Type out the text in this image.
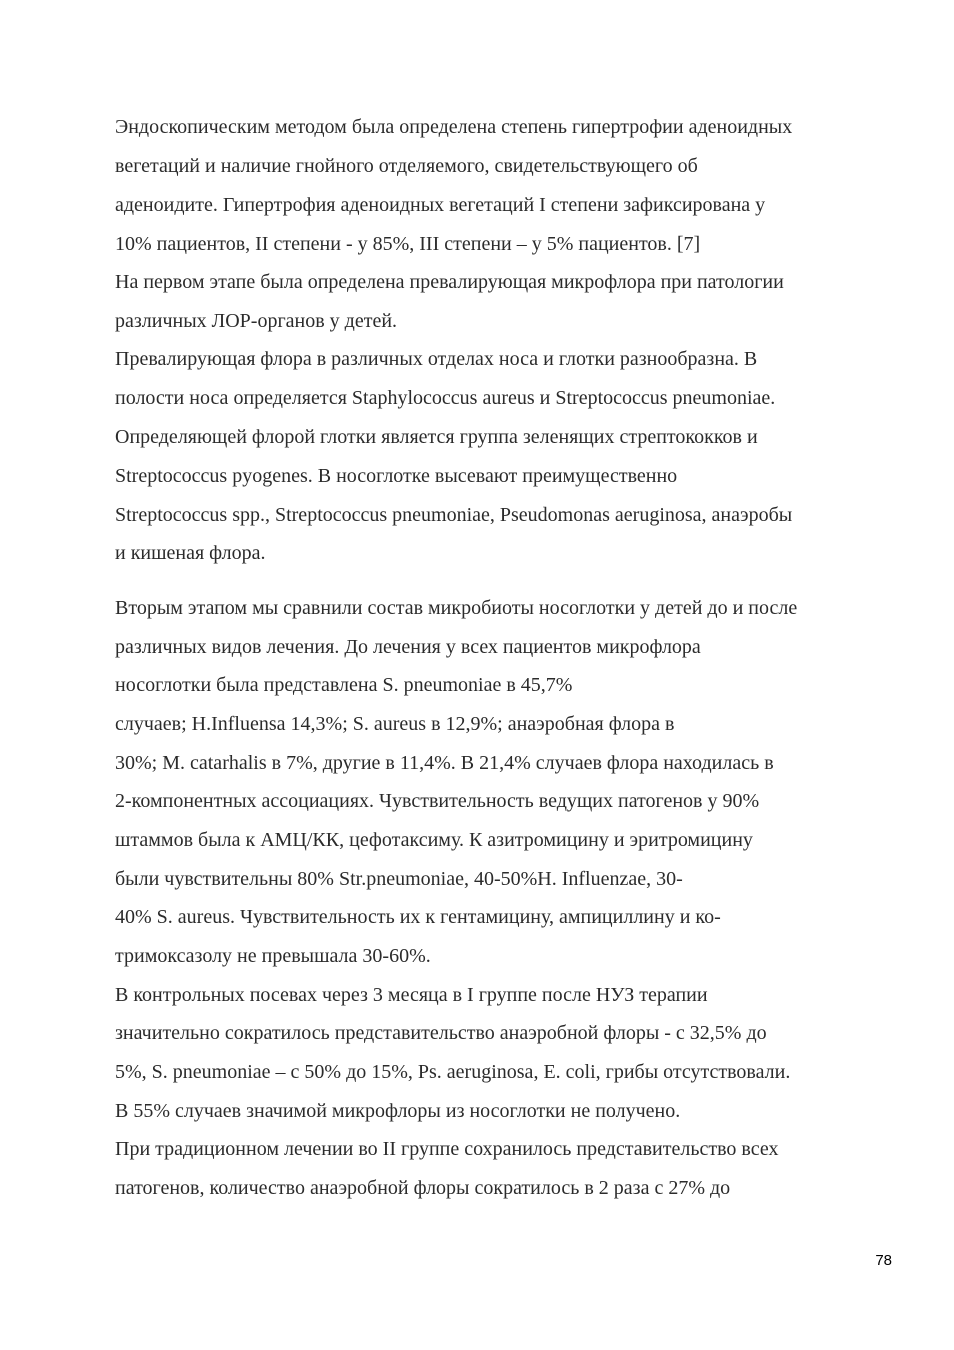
Эндоскопическим методом была определена степень гипертрофии аденоидных
вегетаций и наличие гнойного отделяемого, свидетельствующего об
аденоидите. Гипертрофия аденоидных вегетаций I степени зафиксирована у
10% пациентов, II степени - у 85%, III степени – у 5% пациентов. [7]
На первом этапе была определена превалирующая микрофлора при патологии
различных ЛОР-органов у детей.
Превалирующая флора в различных отделах носа и глотки разнообразна. В
полости носа определяется Staphylococcus aureus и Streptococcus pneumoniae.
Определяющей флорой глотки является группа зеленящих стрептококков и
Streptococcus pyogenes. В носоглотке высевают преимущественно
Streptococcus spp., Streptococcus pneumoniae, Pseudomonas aeruginosa, анаэробы
и кишеная флора.
Вторым этапом мы сравнили состав микробиоты носоглотки у детей до и после
различных видов лечения. До лечения у всех пациентов микрофлора
носоглотки была представлена S. pneumoniae в 45,7%
случаев; H.Influensa 14,3%; S. aureus в 12,9%; анаэробная флора в
30%; M. catarhalis в 7%, другие в 11,4%. В 21,4% случаев флора находилась в
2-компонентных ассоциациях. Чувствительность ведущих патогенов у 90%
штаммов была к АМЦ/КК, цефотаксиму. К азитромицину и эритромицину
были чувствительны 80% Str.pneumoniae, 40-50%H. Influenzae, 30-
40% S. aureus. Чувствительность их к гентамицину, ампициллину и ко-
тримоксазолу не превышала 30-60%.
В контрольных посевах через 3 месяца в I группе после НУЗ терапии
значительно сократилось представительство анаэробной флоры - с 32,5% до
5%, S. pneumoniae – с 50% до 15%, Ps. aeruginosa, E. coli, грибы отсутствовали.
В 55% случаев значимой микрофлоры из носоглотки не получено.
При традиционном лечении во II группе сохранилось представительство всех
патогенов, количество анаэробной флоры сократилось в 2 раза с 27% до
78
